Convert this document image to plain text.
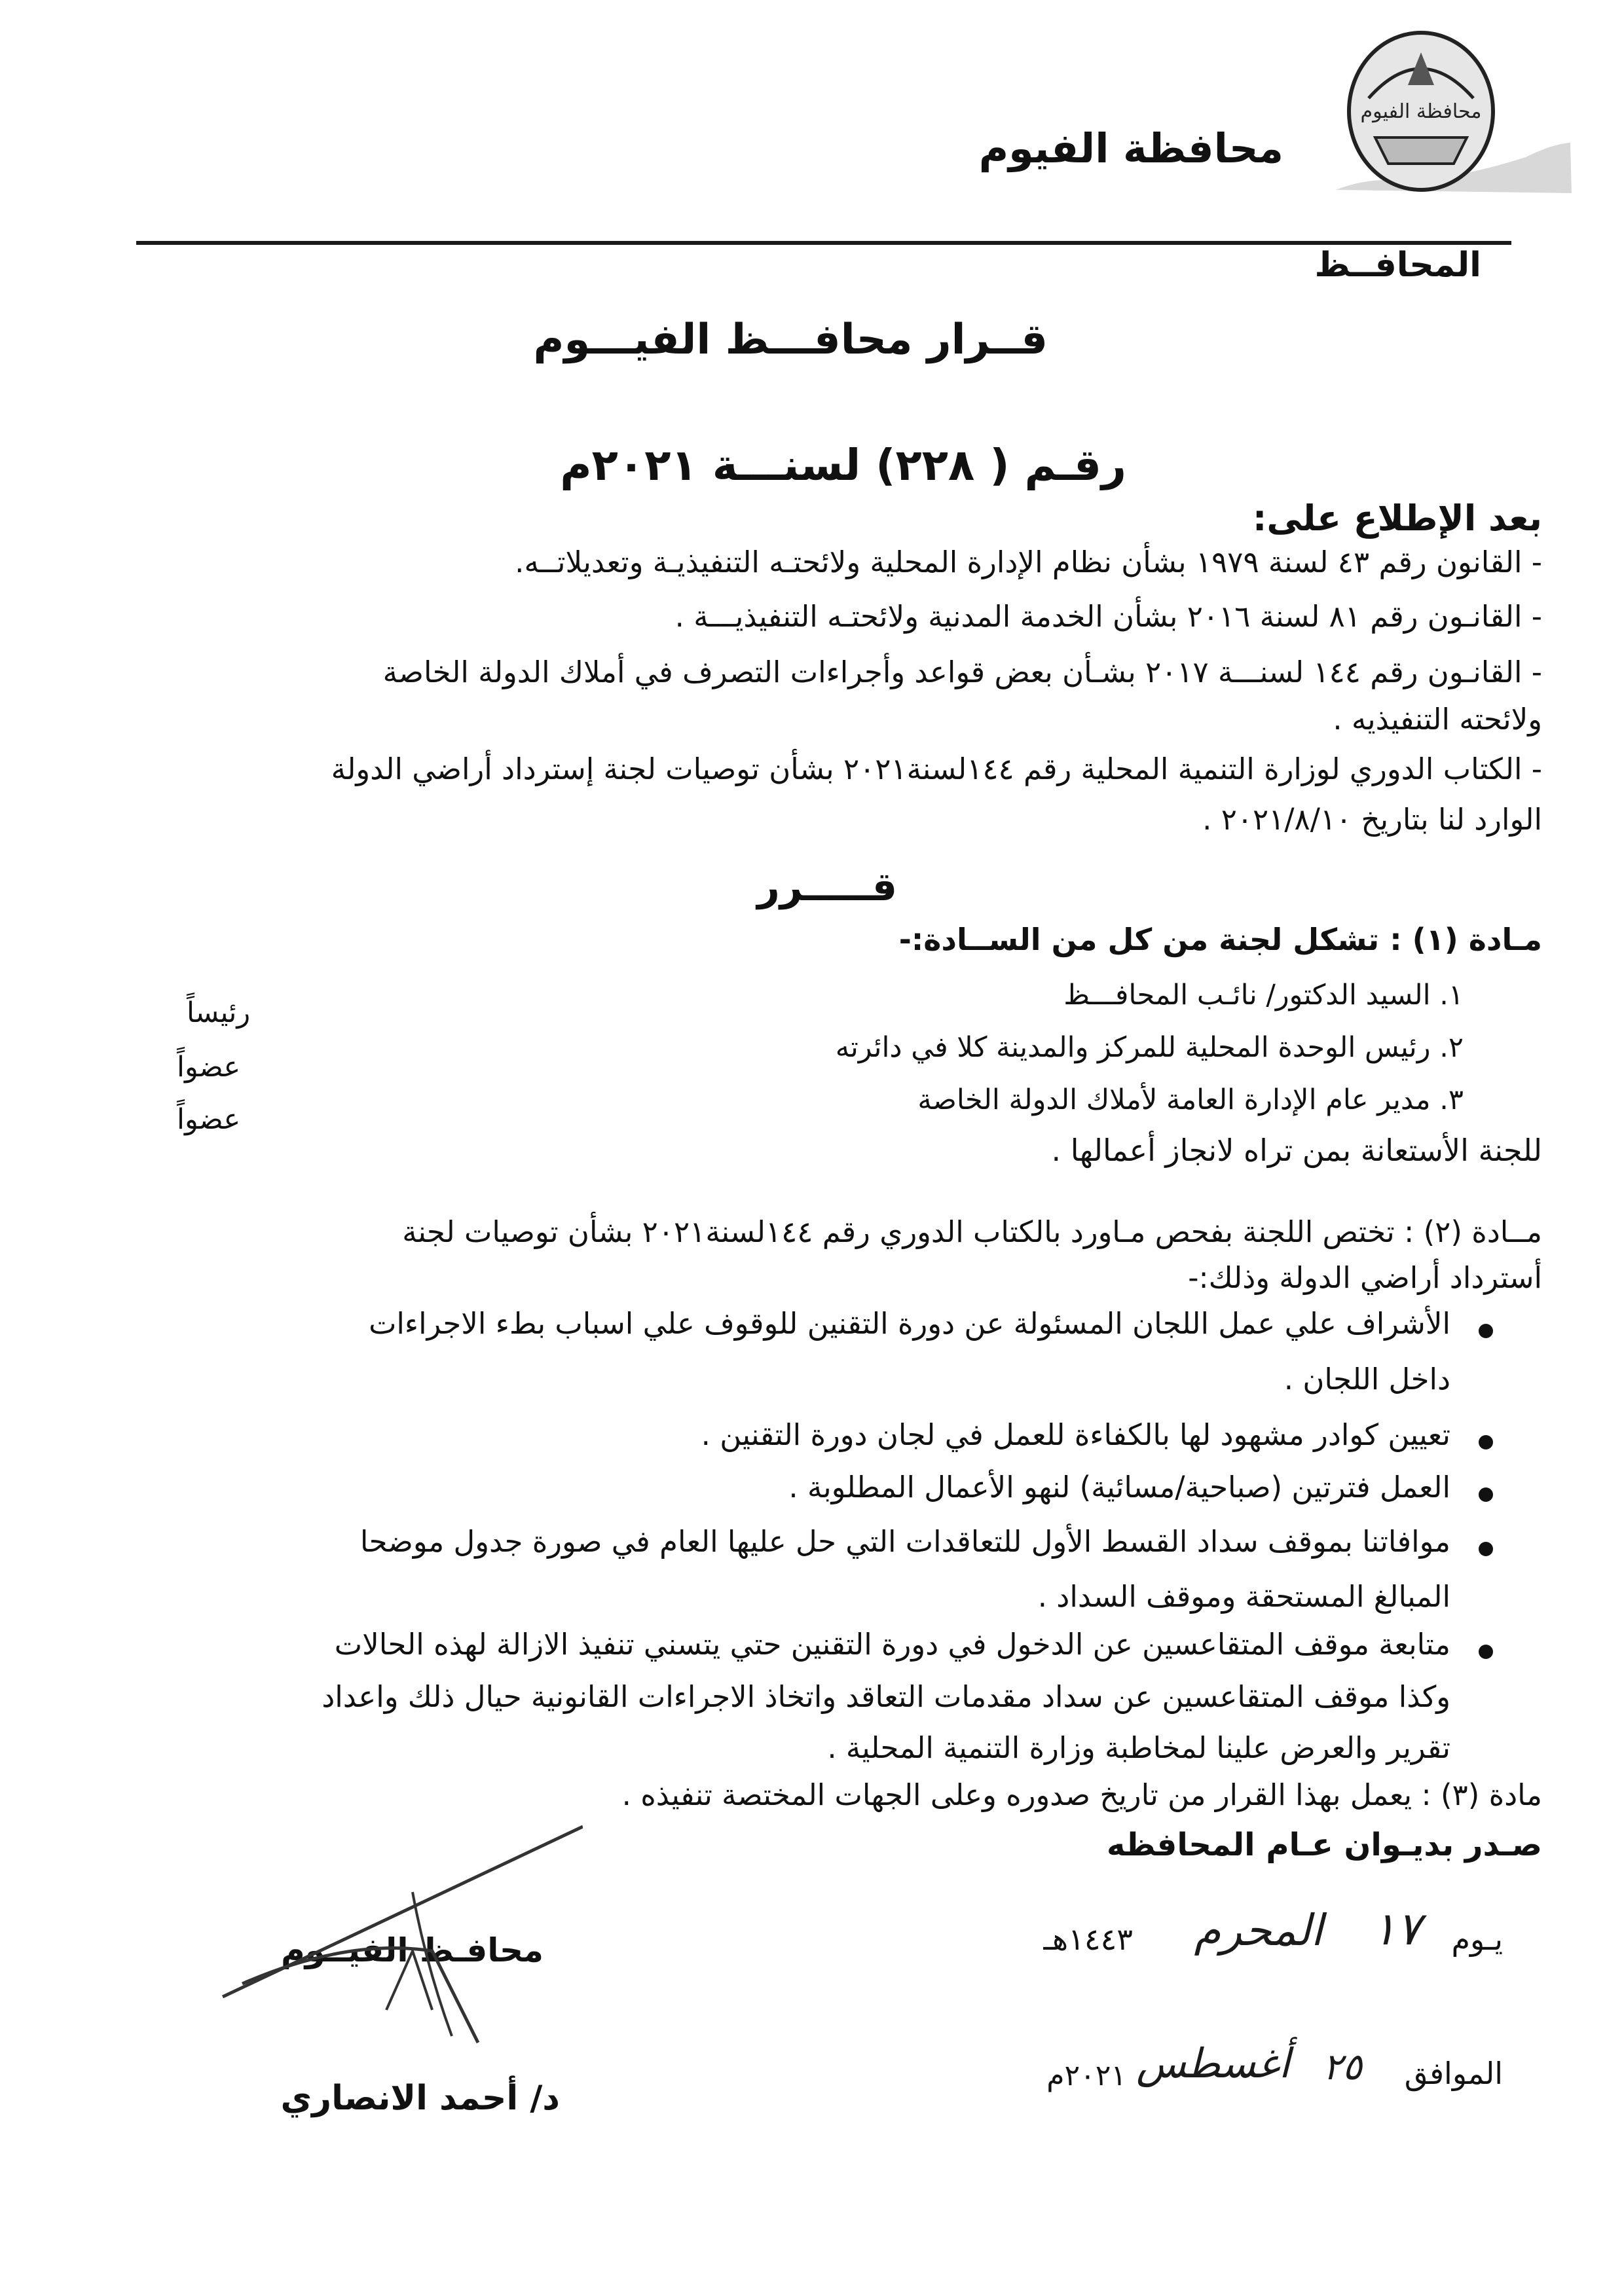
محافظة الفيوم
محافظة الفيوم
المحافــظ
قــرار محافـــظ الفيـــوم
رقـم ( ٢٢٨) لسنـــة ٢٠٢١م
بعد الإطلاع على:
- القانون رقم ٤٣ لسنة ١٩٧٩ بشأن نظام الإدارة المحلية ولائحتـه التنفيذيـة وتعديلاتــه.
- القانـون رقم ٨١ لسنة ٢٠١٦ بشأن الخدمة المدنية ولائحتـه التنفيذيـــة .
- القانـون رقم ١٤٤ لسنـــة ٢٠١٧ بشـأن بعض قواعد وأجراءات التصرف في أملاك الدولة الخاصة
ولائحته التنفيذيه .
- الكتاب الدوري لوزارة التنمية المحلية رقم ١٤٤لسنة٢٠٢١ بشأن توصيات لجنة إسترداد أراضي الدولة
الوارد لنا بتاريخ ٢٠٢١/٨/١٠ .
قـــــرر
مـادة (١) : تشكل لجنة من كل من الســادة:-
١. السيد الدكتور/ نائـب المحافـــظ
٢. رئيس الوحدة المحلية للمركز والمدينة كلا في دائرته
٣. مدير عام الإدارة العامة لأملاك الدولة الخاصة
رئيساً
عضواً
عضواً
للجنة الأستعانة بمن تراه لانجاز أعمالها .
مــادة (٢) : تختص اللجنة بفحص مـاورد بالكتاب الدوري رقم ١٤٤لسنة٢٠٢١ بشأن توصيات لجنة
أسترداد أراضي الدولة وذلك:-
الأشراف علي عمل اللجان المسئولة عن دورة التقنين للوقوف علي اسباب بطء الاجراءات
داخل اللجان .
تعيين كوادر مشهود لها بالكفاءة للعمل في لجان دورة التقنين .
العمل فترتين (صباحية/مسائية) لنهو الأعمال المطلوبة .
موافاتنا بموقف سداد القسط الأول للتعاقدات التي حل عليها العام في صورة جدول موضحا
المبالغ المستحقة وموقف السداد .
متابعة موقف المتقاعسين عن الدخول في دورة التقنين حتي يتسني تنفيذ الازالة لهذه الحالات
وكذا موقف المتقاعسين عن سداد مقدمات التعاقد واتخاذ الاجراءات القانونية حيال ذلك واعداد
تقرير والعرض علينا لمخاطبة وزارة التنمية المحلية .
مادة (٣) : يعمل بهذا القرار من تاريخ صدوره وعلى الجهات المختصة تنفيذه .
صـدر بديـوان عـام المحافظه
يـوم
١٧
المحرم
١٤٤٣هـ
الموافق
٢٥
أغسطس
٢٠٢١م
محافـظ الفيــوم
د/ أحمد الانصاري
